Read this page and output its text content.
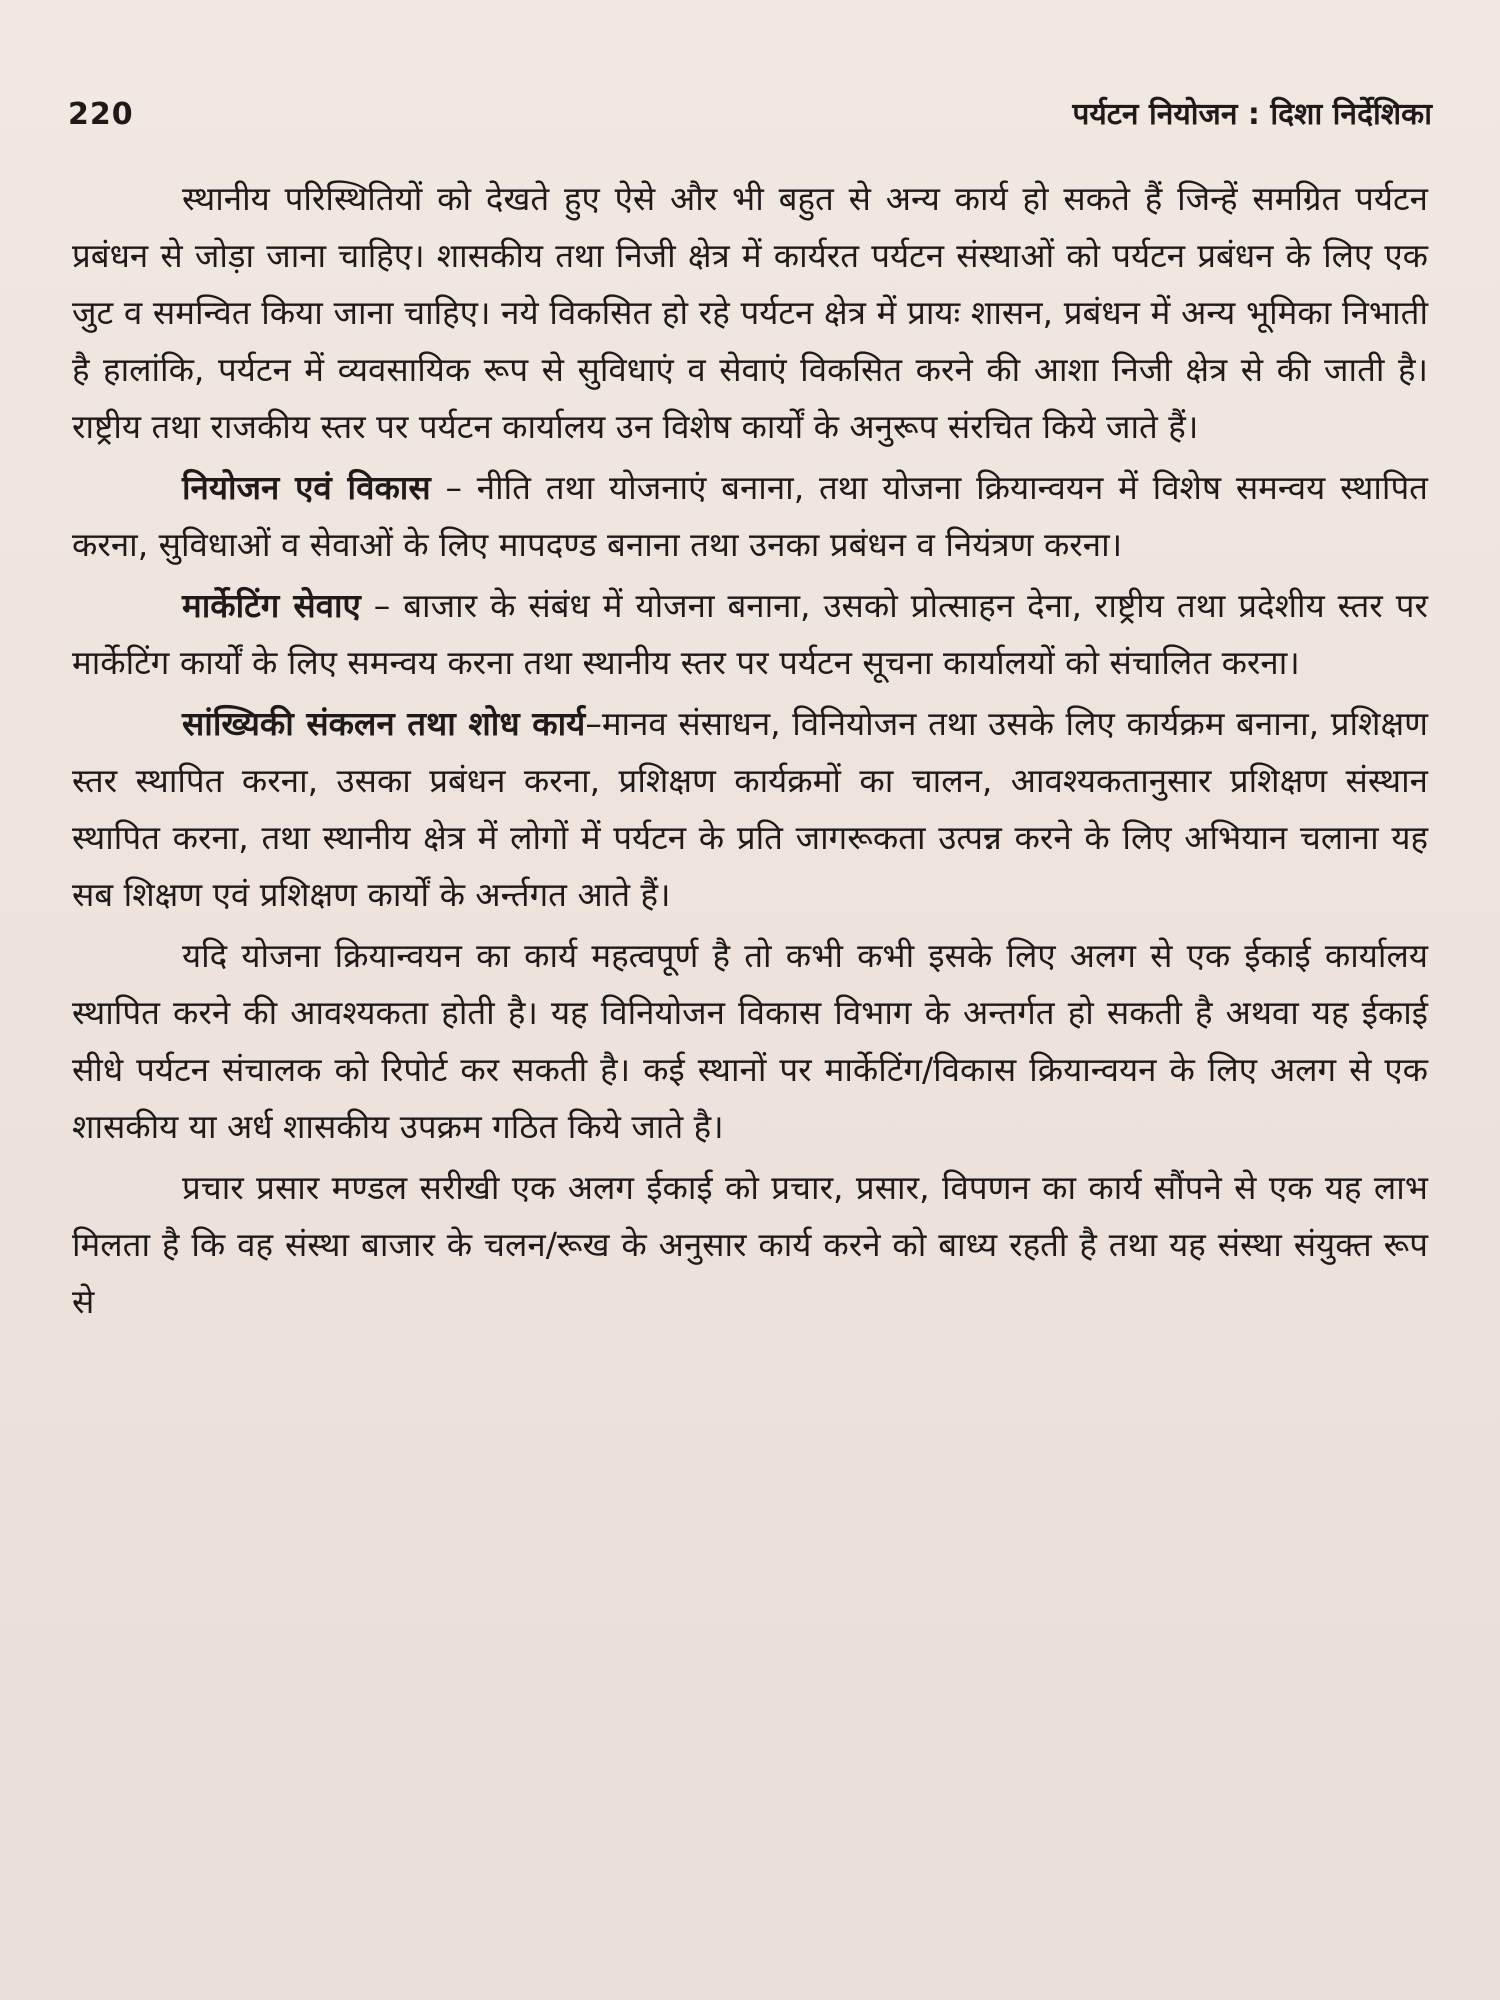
220	पर्यटन नियोजन : दिशा निर्देशिका

स्थानीय परिस्थितियों को देखते हुए ऐसे और भी बहुत से अन्य कार्य हो सकते हैं जिन्हें समग्रित पर्यटन प्रबंधन से जोड़ा जाना चाहिए। शासकीय तथा निजी क्षेत्र में कार्यरत पर्यटन संस्थाओं को पर्यटन प्रबंधन के लिए एक जुट व समन्वित किया जाना चाहिए। नये विकसित हो रहे पर्यटन क्षेत्र में प्रायः शासन, प्रबंधन में अन्य भूमिका निभाती है हालांकि, पर्यटन में व्यवसायिक रूप से सुविधाएं व सेवाएं विकसित करने की आशा निजी क्षेत्र से की जाती है। राष्ट्रीय तथा राजकीय स्तर पर पर्यटन कार्यालय उन विशेष कार्यों के अनुरूप संरचित किये जाते हैं।

नियोजन एवं विकास – नीति तथा योजनाएं बनाना, तथा योजना क्रियान्वयन में विशेष समन्वय स्थापित करना, सुविधाओं व सेवाओं के लिए मापदण्ड बनाना तथा उनका प्रबंधन व नियंत्रण करना।

मार्केटिंग सेवाए – बाजार के संबंध में योजना बनाना, उसको प्रोत्साहन देना, राष्ट्रीय तथा प्रदेशीय स्तर पर मार्केटिंग कार्यों के लिए समन्वय करना तथा स्थानीय स्तर पर पर्यटन सूचना कार्यालयों को संचालित करना।

सांख्यिकी संकलन तथा शोध कार्य–मानव संसाधन, विनियोजन तथा उसके लिए कार्यक्रम बनाना, प्रशिक्षण स्तर स्थापित करना, उसका प्रबंधन करना, प्रशिक्षण कार्यक्रमों का चालन, आवश्यकतानुसार प्रशिक्षण संस्थान स्थापित करना, तथा स्थानीय क्षेत्र में लोगों में पर्यटन के प्रति जागरूकता उत्पन्न करने के लिए अभियान चलाना यह सब शिक्षण एवं प्रशिक्षण कार्यों के अर्न्तगत आते हैं।

यदि योजना क्रियान्वयन का कार्य महत्वपूर्ण है तो कभी कभी इसके लिए अलग से एक ईकाई कार्यालय स्थापित करने की आवश्यकता होती है। यह विनियोजन विकास विभाग के अन्तर्गत हो सकती है अथवा यह ईकाई सीधे पर्यटन संचालक को रिपोर्ट कर सकती है। कई स्थानों पर मार्केटिंग/विकास क्रियान्वयन के लिए अलग से एक शासकीय या अर्ध शासकीय उपक्रम गठित किये जाते है।

प्रचार प्रसार मण्डल सरीखी एक अलग ईकाई को प्रचार, प्रसार, विपणन का कार्य सौंपने से एक यह लाभ मिलता है कि वह संस्था बाजार के चलन/रूख के अनुसार कार्य करने को बाध्य रहती है तथा यह संस्था संयुक्त रूप से
